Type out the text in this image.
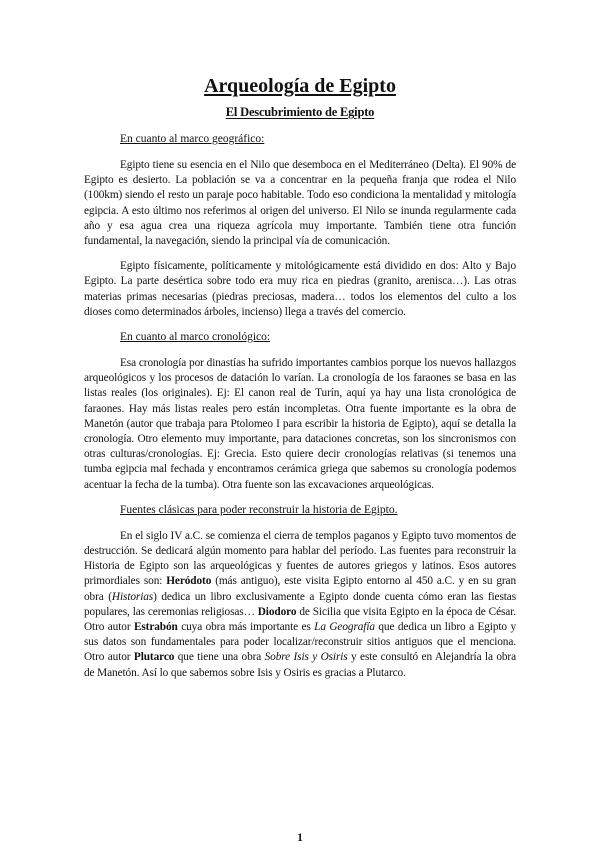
Arqueología de Egipto
El Descubrimiento de Egipto
En cuanto al marco geográfico:

Egipto tiene su esencia en el Nilo que desemboca en el Mediterráneo (Delta). El 90% de Egipto es desierto. La población se va a concentrar en la pequeña franja que rodea el Nilo (100km) siendo el resto un paraje poco habitable. Todo eso condiciona la mentalidad y mitología egipcia. A esto último nos referimos al origen del universo. El Nilo se inunda regularmente cada año y esa agua crea una riqueza agrícola muy importante. También tiene otra función fundamental, la navegación, siendo la principal vía de comunicación.

Egipto físicamente, políticamente y mitológicamente está dividido en dos: Alto y Bajo Egipto. La parte desértica sobre todo era muy rica en piedras (granito, arenisca…). Las otras materias primas necesarias (piedras preciosas, madera… todos los elementos del culto a los dioses como determinados árboles, incienso) llega a través del comercio.

En cuanto al marco cronológico:

Esa cronología por dinastías ha sufrido importantes cambios porque los nuevos hallazgos arqueológicos y los procesos de datación lo varían. La cronología de los faraones se basa en las listas reales (los originales). Ej: El canon real de Turín, aquí ya hay una lista cronológica de faraones. Hay más listas reales pero están incompletas. Otra fuente importante es la obra de Manetón (autor que trabaja para Ptolomeo I para escribir la historia de Egipto), aquí se detalla la cronología. Otro elemento muy importante, para dataciones concretas, son los sincronismos con otras culturas/cronologías. Ej: Grecia. Esto quiere decir cronologías relativas (si tenemos una tumba egipcia mal fechada y encontramos cerámica griega que sabemos su cronología podemos acentuar la fecha de la tumba). Otra fuente son las excavaciones arqueológicas.

Fuentes clásicas para poder reconstruir la historia de Egipto.

En el siglo IV a.C. se comienza el cierra de templos paganos y Egipto tuvo momentos de destrucción. Se dedicará algún momento para hablar del período. Las fuentes para reconstruir la Historia de Egipto son las arqueológicas y fuentes de autores griegos y latinos. Esos autores primordiales son: Heródoto (más antiguo), este visita Egipto entorno al 450 a.C. y en su gran obra (Historias) dedica un libro exclusivamente a Egipto donde cuenta cómo eran las fiestas populares, las ceremonias religiosas… Diodoro de Sicilia que visita Egipto en la época de César. Otro autor Estrabón cuya obra más importante es La Geografía que dedica un libro a Egipto y sus datos son fundamentales para poder localizar/reconstruir sitios antiguos que el menciona. Otro autor Plutarco que tiene una obra Sobre Isis y Osiris y este consultó en Alejandría la obra de Manetón. Así lo que sabemos sobre Isis y Osiris es gracias a Plutarco.

1
